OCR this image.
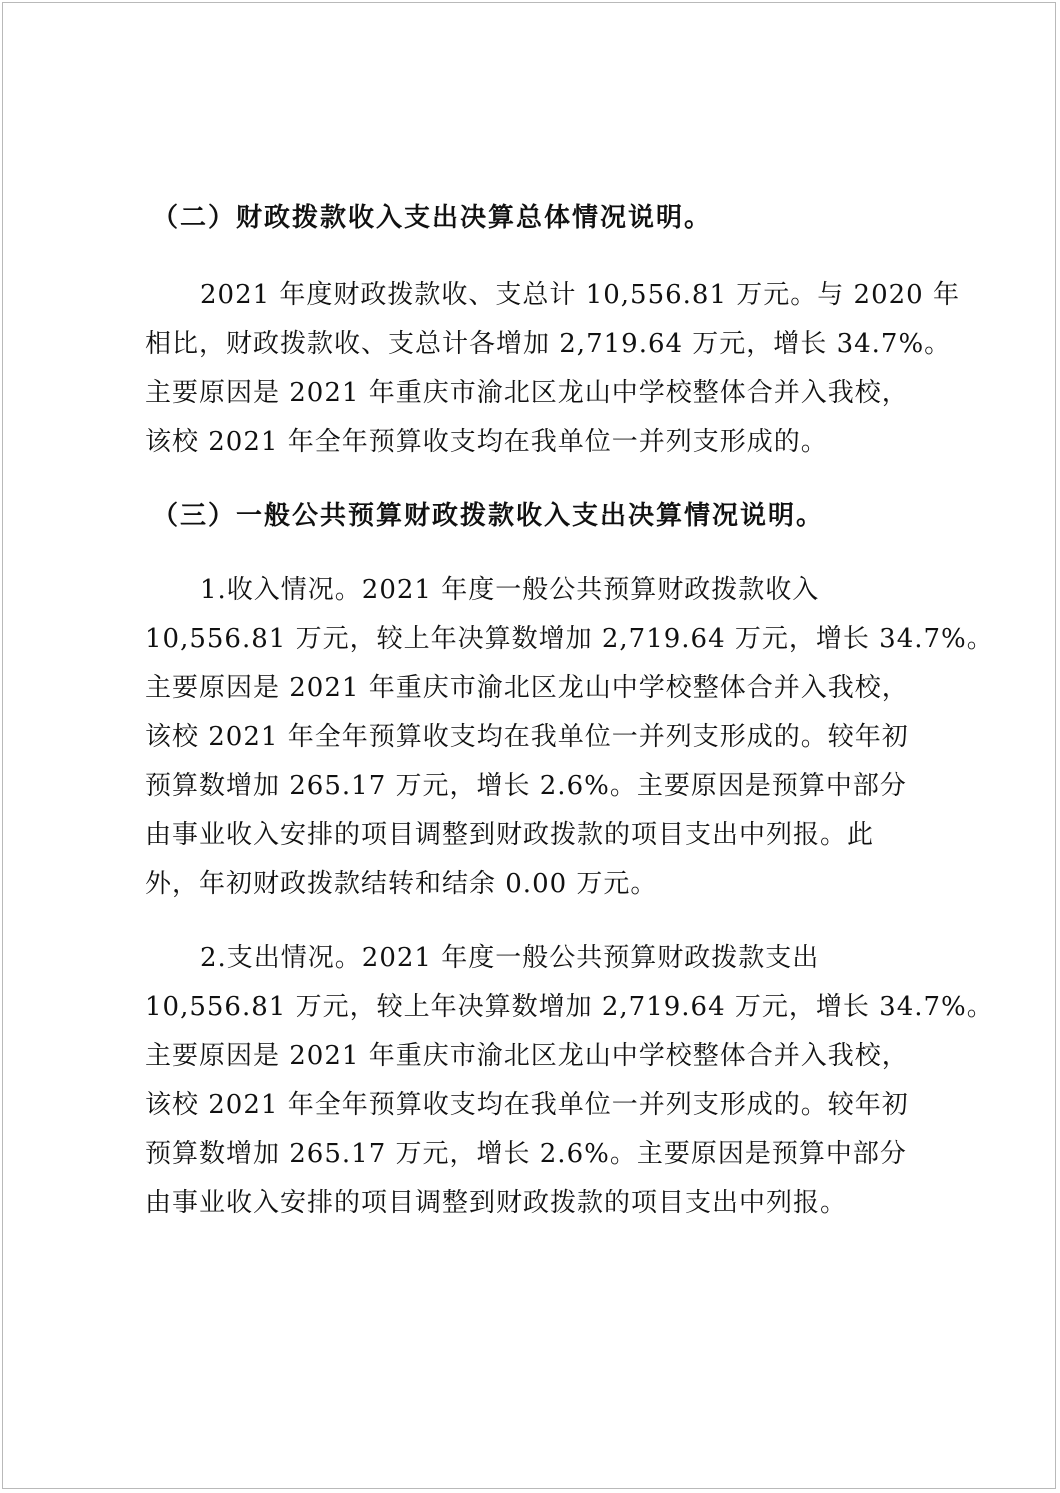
（二）财政拨款收入支出决算总体情况说明。
2021 年度财政拨款收、支总计 10,556.81 万元。与 2020 年
相比，财政拨款收、支总计各增加 2,719.64 万元，增长 34.7%。
主要原因是 2021 年重庆市渝北区龙山中学校整体合并入我校，
该校 2021 年全年预算收支均在我单位一并列支形成的。
（三）一般公共预算财政拨款收入支出决算情况说明。
1.收入情况。2021 年度一般公共预算财政拨款收入
10,556.81 万元，较上年决算数增加 2,719.64 万元，增长 34.7%。
主要原因是 2021 年重庆市渝北区龙山中学校整体合并入我校，
该校 2021 年全年预算收支均在我单位一并列支形成的。较年初
预算数增加 265.17 万元，增长 2.6%。主要原因是预算中部分
由事业收入安排的项目调整到财政拨款的项目支出中列报。此
外，年初财政拨款结转和结余 0.00 万元。
2.支出情况。2021 年度一般公共预算财政拨款支出
10,556.81 万元，较上年决算数增加 2,719.64 万元，增长 34.7%。
主要原因是 2021 年重庆市渝北区龙山中学校整体合并入我校，
该校 2021 年全年预算收支均在我单位一并列支形成的。较年初
预算数增加 265.17 万元，增长 2.6%。主要原因是预算中部分
由事业收入安排的项目调整到财政拨款的项目支出中列报。
